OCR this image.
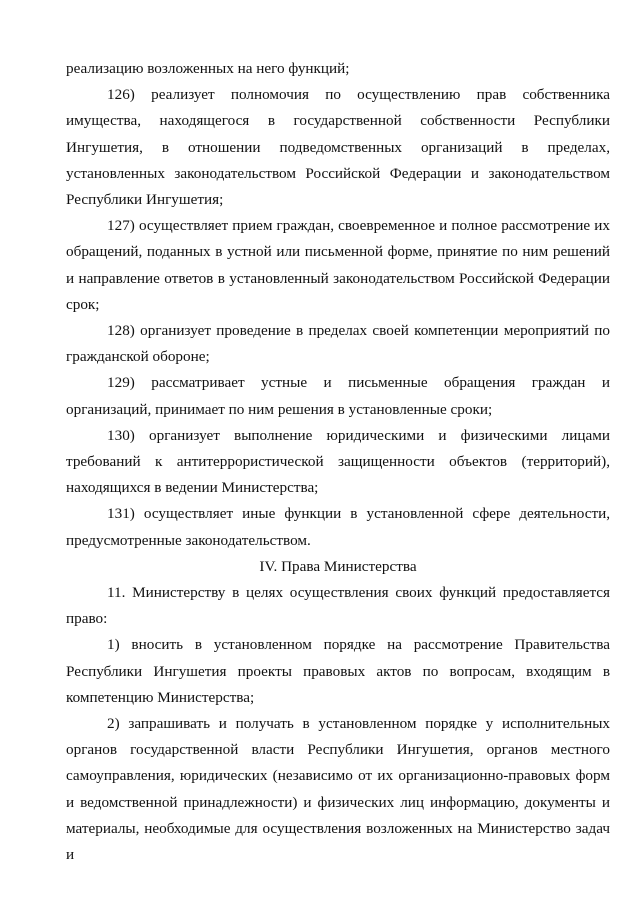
реализацию возложенных на него функций;

126) реализует полномочия по осуществлению прав собственника имущества, находящегося в государственной собственности Республики Ингушетия, в отношении подведомственных организаций в пределах, установленных законодательством Российской Федерации и законодательством Республики Ингушетия;

127) осуществляет прием граждан, своевременное и полное рассмотрение их обращений, поданных в устной или письменной форме, принятие по ним решений и направление ответов в установленный законодательством Российской Федерации срок;

128) организует проведение в пределах своей компетенции мероприятий по гражданской обороне;

129) рассматривает устные и письменные обращения граждан и организаций, принимает по ним решения в установленные сроки;

130) организует выполнение юридическими и физическими лицами требований к антитеррористической защищенности объектов (территорий), находящихся в ведении Министерства;

131) осуществляет иные функции в установленной сфере деятельности, предусмотренные законодательством.

IV. Права Министерства

11. Министерству в целях осуществления своих функций предоставляется право:

1) вносить в установленном порядке на рассмотрение Правительства Республики Ингушетия проекты правовых актов по вопросам, входящим в компетенцию Министерства;

2) запрашивать и получать в установленном порядке у исполнительных органов государственной власти Республики Ингушетия, органов местного самоуправления, юридических (независимо от их организационно-правовых форм и ведомственной принадлежности) и физических лиц информацию, документы и материалы, необходимые для осуществления возложенных на Министерство задач и
